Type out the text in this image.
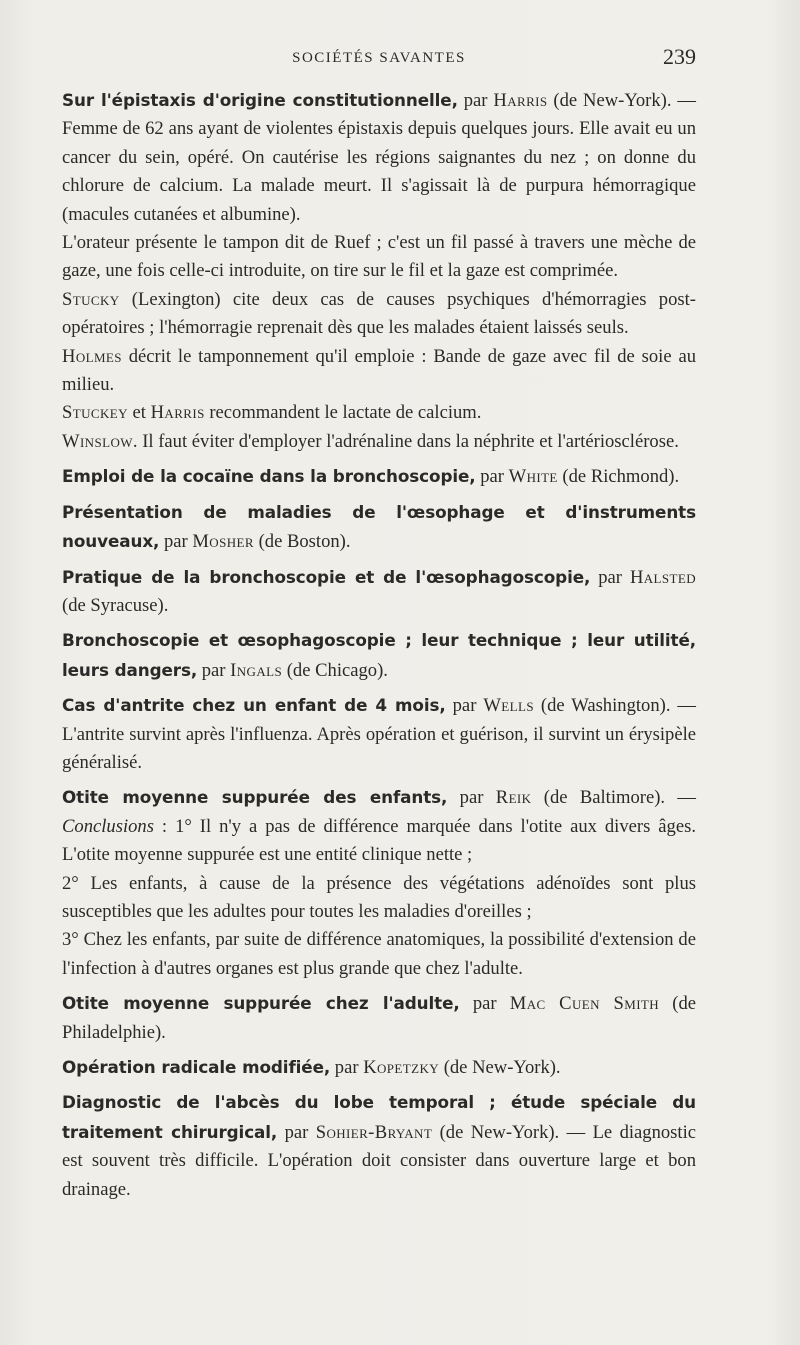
SOCIÉTÉS SAVANTES	239

Sur l'épistaxis d'origine constitutionnelle, par Harris (de New-York). — Femme de 62 ans ayant de violentes épistaxis depuis quelques jours. Elle avait eu un cancer du sein, opéré. On cautérise les régions saignantes du nez ; on donne du chlorure de calcium. La malade meurt. Il s'agissait là de purpura hémorragique (macules cutanées et albumine).

L'orateur présente le tampon dit de Ruef ; c'est un fil passé à travers une mèche de gaze, une fois celle-ci introduite, on tire sur le fil et la gaze est comprimée.

Stucky (Lexington) cite deux cas de causes psychiques d'hémorragies post-opératoires ; l'hémorragie reprenait dès que les malades étaient laissés seuls.

Holmes décrit le tamponnement qu'il emploie : Bande de gaze avec fil de soie au milieu.

Stuckey et Harris recommandent le lactate de calcium.

Winslow. Il faut éviter d'employer l'adrénaline dans la néphrite et l'artériosclérose.

Emploi de la cocaïne dans la bronchoscopie, par White (de Richmond).

Présentation de maladies de l'œsophage et d'instruments nouveaux, par Mosher (de Boston).

Pratique de la bronchoscopie et de l'œsophagoscopie, par Halsted (de Syracuse).

Bronchoscopie et œsophagoscopie ; leur technique ; leur utilité, leurs dangers, par Ingals (de Chicago).

Cas d'antrite chez un enfant de 4 mois, par Wells (de Washington). — L'antrite survint après l'influenza. Après opération et guérison, il survint un érysipèle généralisé.

Otite moyenne suppurée des enfants, par Reik (de Baltimore). — Conclusions : 1° Il n'y a pas de différence marquée dans l'otite aux divers âges. L'otite moyenne suppurée est une entité clinique nette ;

2° Les enfants, à cause de la présence des végétations adénoïdes sont plus susceptibles que les adultes pour toutes les maladies d'oreilles ;

3° Chez les enfants, par suite de différence anatomiques, la possibilité d'extension de l'infection à d'autres organes est plus grande que chez l'adulte.

Otite moyenne suppurée chez l'adulte, par Mac Cuen Smith (de Philadelphie).

Opération radicale modifiée, par Kopetzky (de New-York).

Diagnostic de l'abcès du lobe temporal ; étude spéciale du traitement chirurgical, par Sohier-Bryant (de New-York). — Le diagnostic est souvent très difficile. L'opération doit consister dans ouverture large et bon drainage.
